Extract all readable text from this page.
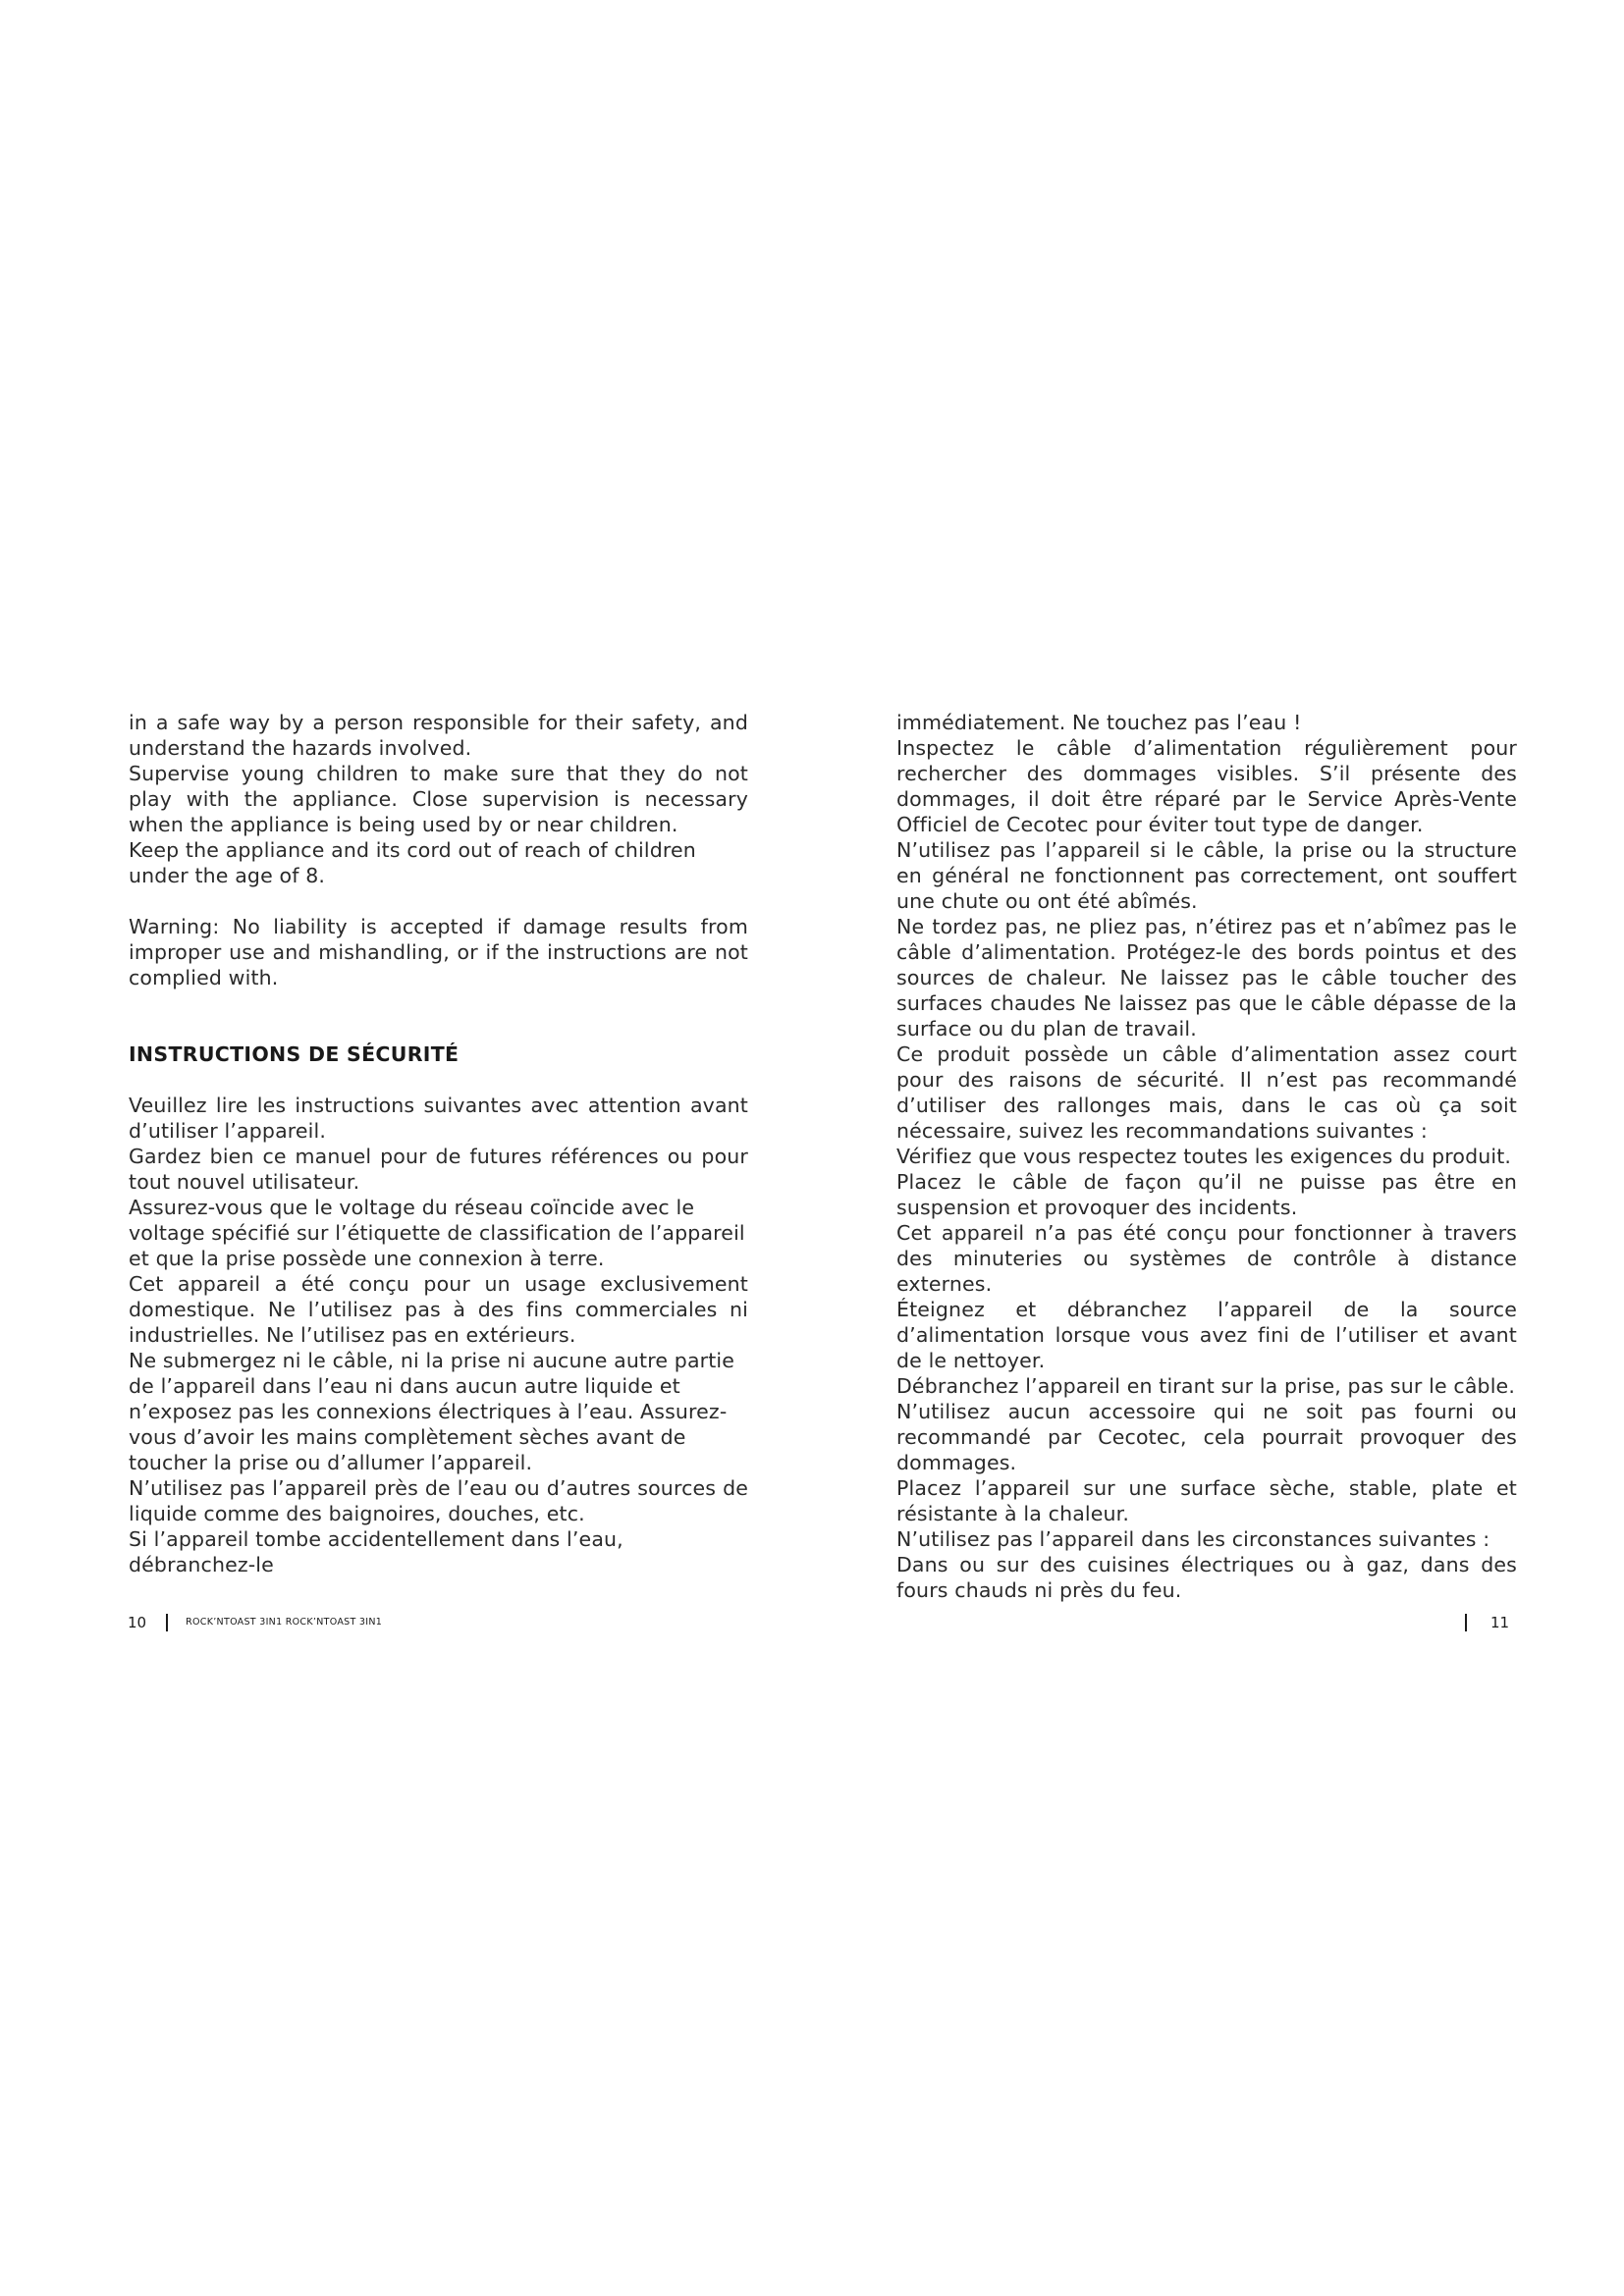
in a safe way by a person responsible for their safety, and understand the hazards involved.

Supervise young children to make sure that they do not play with the appliance. Close supervision is necessary when the appliance is being used by or near children.

Keep the appliance and its cord out of reach of children under the age of 8.

Warning: No liability is accepted if damage results from improper use and mishandling, or if the instructions are not complied with.

INSTRUCTIONS DE SÉCURITÉ

Veuillez lire les instructions suivantes avec attention avant d’utiliser l’appareil.

Gardez bien ce manuel pour de futures références ou pour tout nouvel utilisateur.

Assurez-vous que le voltage du réseau coïncide avec le voltage spécifié sur l’étiquette de classification de l’appareil et que la prise possède une connexion à terre.

Cet appareil a été conçu pour un usage exclusivement domestique. Ne l’utilisez pas à des fins commerciales ni industrielles. Ne l’utilisez pas en extérieurs.

Ne submergez ni le câble, ni la prise ni aucune autre partie de l’appareil dans l’eau ni dans aucun autre liquide et n’exposez pas les connexions électriques à l’eau. Assurez-vous d’avoir les mains complètement sèches avant de toucher la prise ou d’allumer l’appareil.

N’utilisez pas l’appareil près de l’eau ou d’autres sources de liquide comme des baignoires, douches, etc.

Si l’appareil tombe accidentellement dans l’eau, débranchez-le

immédiatement. Ne touchez pas l’eau !

Inspectez le câble d’alimentation régulièrement pour rechercher des dommages visibles. S’il présente des dommages, il doit être réparé par le Service Après-Vente Officiel de Cecotec pour éviter tout type de danger.

N’utilisez pas l’appareil si le câble, la prise ou la structure en général ne fonctionnent pas correctement, ont souffert une chute ou ont été abîmés.

Ne tordez pas, ne pliez pas, n’étirez pas et n’abîmez pas le câble d’alimentation. Protégez-le des bords pointus et des sources de chaleur. Ne laissez pas le câble toucher des surfaces chaudes Ne laissez pas que le câble dépasse de la surface ou du plan de travail.

Ce produit possède un câble d’alimentation assez court pour des raisons de sécurité. Il n’est pas recommandé d’utiliser des rallonges mais, dans le cas où ça soit nécessaire, suivez les recommandations suivantes :

Vérifiez que vous respectez toutes les exigences du produit.

Placez le câble de façon qu’il ne puisse pas être en suspension et provoquer des incidents.

Cet appareil n’a pas été conçu pour fonctionner à travers des minuteries ou systèmes de contrôle à distance externes.

Éteignez et débranchez l’appareil de la source d’alimentation lorsque vous avez fini de l’utiliser et avant de le nettoyer.

Débranchez l’appareil en tirant sur la prise, pas sur le câble.

N’utilisez aucun accessoire qui ne soit pas fourni ou recommandé par Cecotec, cela pourrait provoquer des dommages.

Placez l’appareil sur une surface sèche, stable, plate et résistante à la chaleur.

N’utilisez pas l’appareil dans les circonstances suivantes :

Dans ou sur des cuisines électriques ou à gaz, dans des fours chauds ni près du feu.

10	ROCK’NTOAST 3IN1 ROCK’NTOAST 3IN1	11
